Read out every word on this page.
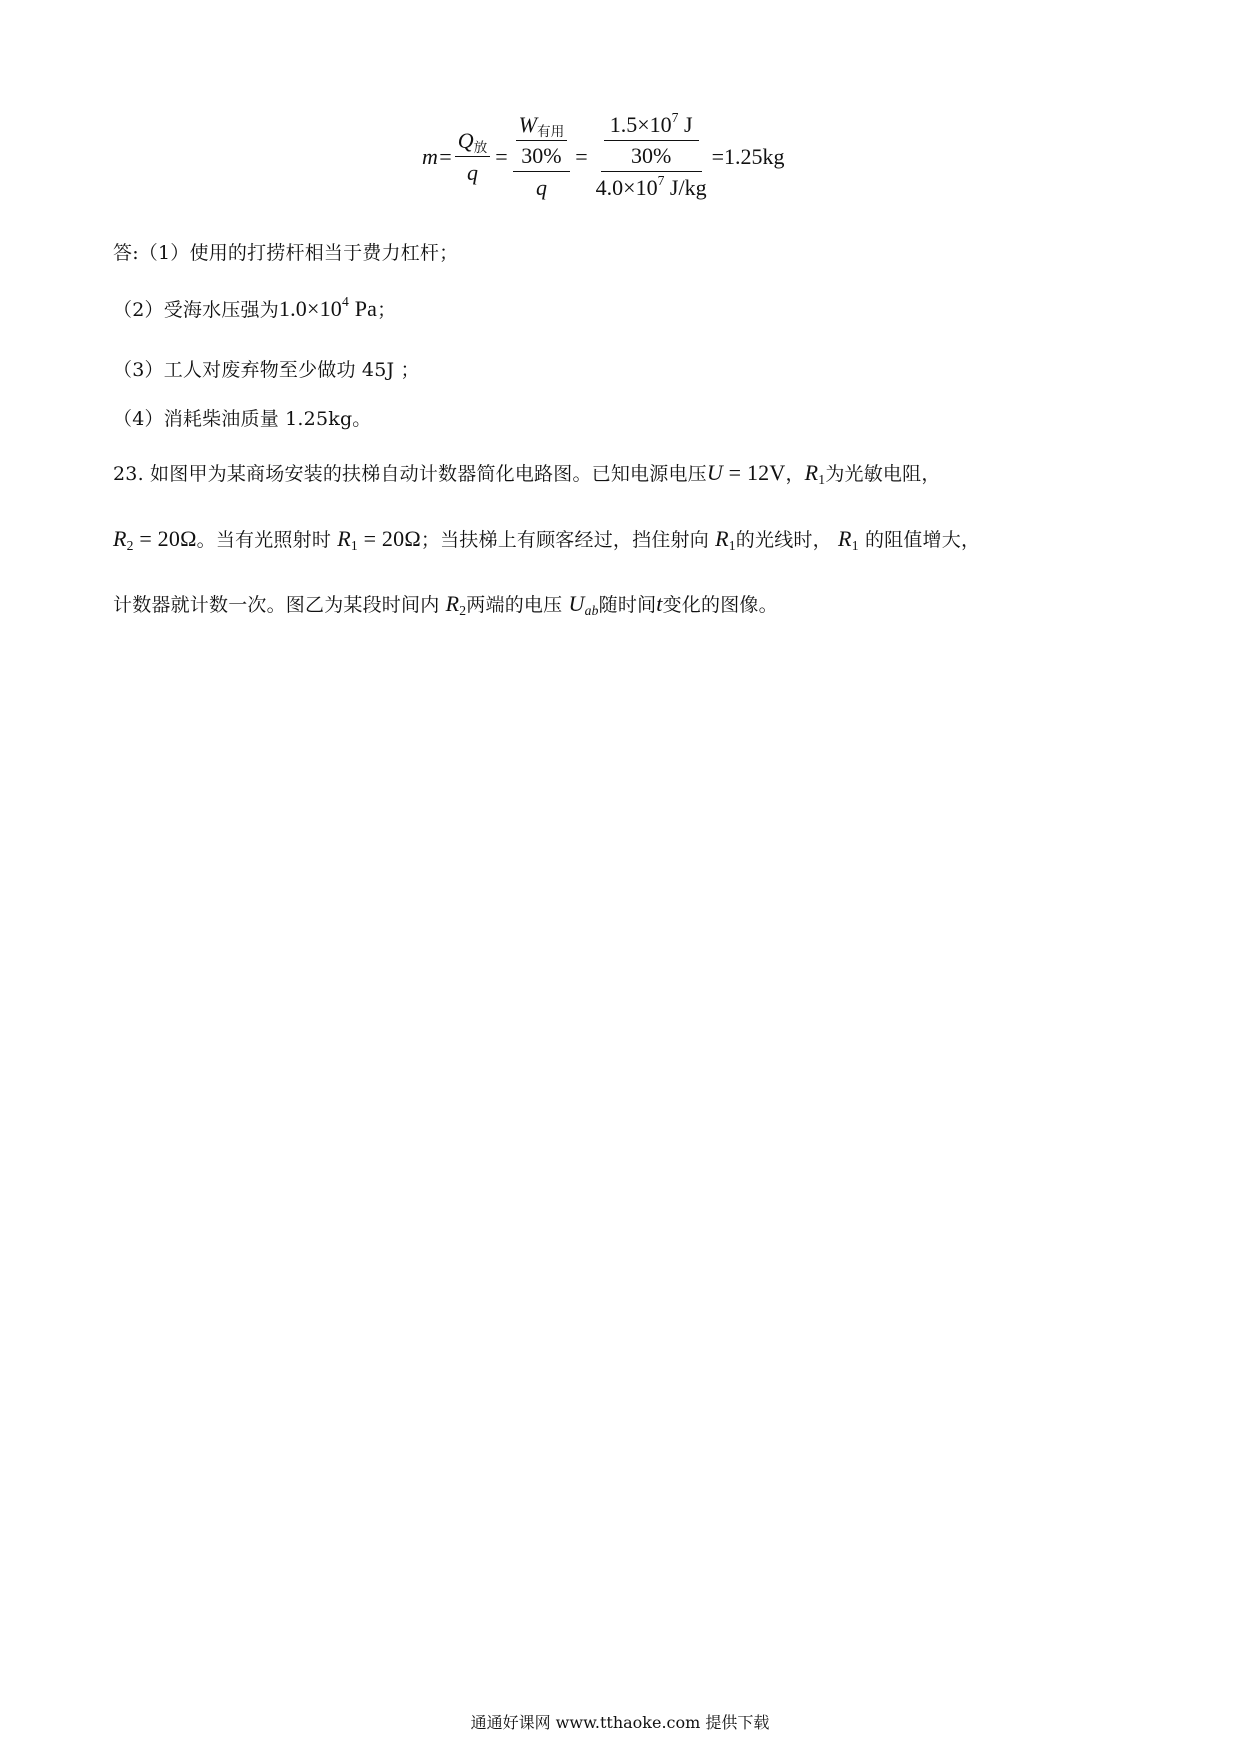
$m= \frac{Q_放}{q} = W_{有用}$
30%
$q = 1.5\times 10^7$ J
30%
$4.0\times 10^7$ J/kg =1.25kg
答:（1）使用的打捞杆相当于费力杠杆；
（2）受海水压强为$1.0\times 10^4$ Pa；
（3）工人对废弃物至少做功 45J ；
（4）消耗柴油质量 1.25kg。
23. 如图甲为某商场安装的扶梯自动计数器简化电路图。已知电源电压U = 12V，$R_1$为光敏电阻，
$R_2 = 20\Omega$。当有光照射时 $R_1 = 20\Omega$；当扶梯上有顾客经过，挡住射向 $R_1$的光线时， $R_1$ 的阻值增大，
计数器就计数一次。图乙为某段时间内 $R_2$两端的电压 $U_{ab}$随时间t变化的图像。
通通好课网 www.tthaoke.com 提供下载
